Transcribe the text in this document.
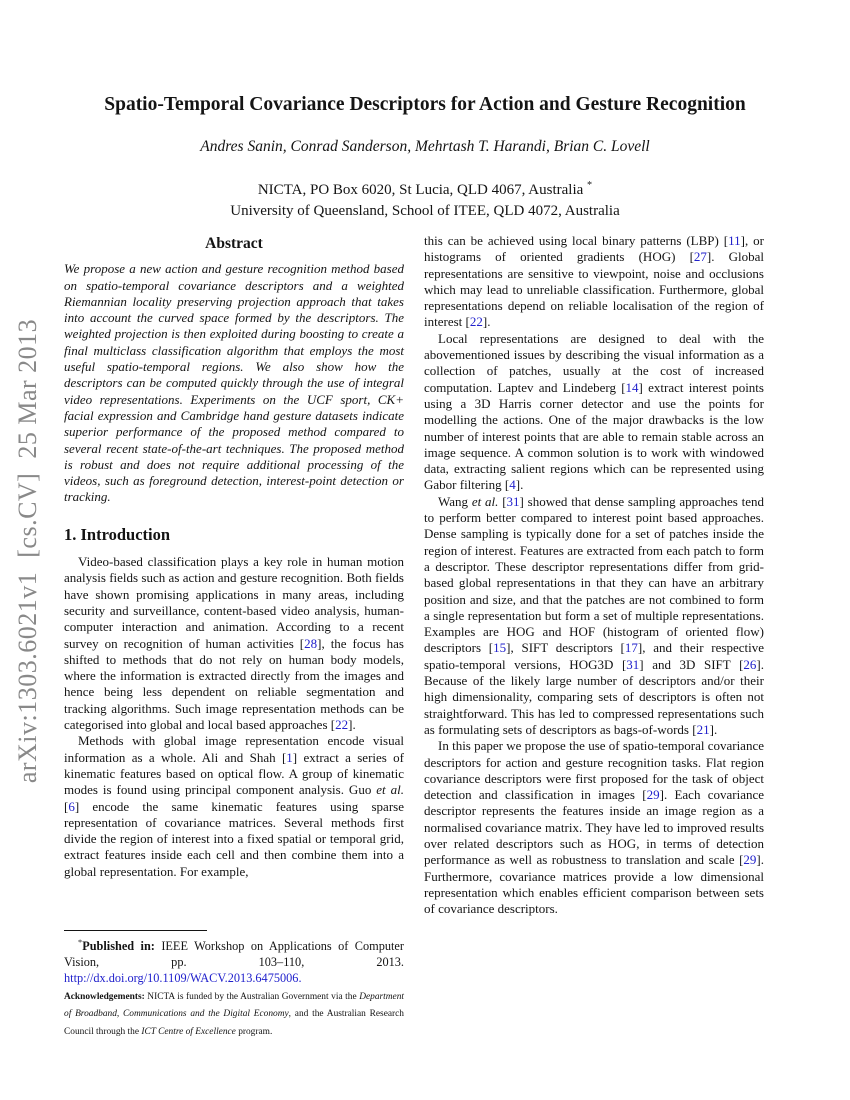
arXiv:1303.6021v1  [cs.CV]  25 Mar 2013
Spatio-Temporal Covariance Descriptors for Action and Gesture Recognition
Andres Sanin, Conrad Sanderson, Mehrtash T. Harandi, Brian C. Lovell
NICTA, PO Box 6020, St Lucia, QLD 4067, Australia *
University of Queensland, School of ITEE, QLD 4072, Australia
Abstract

We propose a new action and gesture recognition method based on spatio-temporal covariance descriptors and a weighted Riemannian locality preserving projection approach that takes into account the curved space formed by the descriptors. The weighted projection is then exploited during boosting to create a final multiclass classification algorithm that employs the most useful spatio-temporal regions. We also show how the descriptors can be computed quickly through the use of integral video representations. Experiments on the UCF sport, CK+ facial expression and Cambridge hand gesture datasets indicate superior performance of the proposed method compared to several recent state-of-the-art techniques. The proposed method is robust and does not require additional processing of the videos, such as foreground detection, interest-point detection or tracking.

1. Introduction

Video-based classification plays a key role in human motion analysis fields such as action and gesture recognition. Both fields have shown promising applications in many areas, including security and surveillance, content-based video analysis, human-computer interaction and animation. According to a recent survey on recognition of human activities [28], the focus has shifted to methods that do not rely on human body models, where the information is extracted directly from the images and hence being less dependent on reliable segmentation and tracking algorithms. Such image representation methods can be categorised into global and local based approaches [22].

Methods with global image representation encode visual information as a whole. Ali and Shah [1] extract a series of kinematic features based on optical flow. A group of kinematic modes is found using principal component analysis. Guo et al. [6] encode the same kinematic features using sparse representation of covariance matrices. Several methods first divide the region of interest into a fixed spatial or temporal grid, extract features inside each cell and then combine them into a global representation. For example,

this can be achieved using local binary patterns (LBP) [11], or histograms of oriented gradients (HOG) [27]. Global representations are sensitive to viewpoint, noise and occlusions which may lead to unreliable classification. Furthermore, global representations depend on reliable localisation of the region of interest [22].

Local representations are designed to deal with the abovementioned issues by describing the visual information as a collection of patches, usually at the cost of increased computation. Laptev and Lindeberg [14] extract interest points using a 3D Harris corner detector and use the points for modelling the actions. One of the major drawbacks is the low number of interest points that are able to remain stable across an image sequence. A common solution is to work with windowed data, extracting salient regions which can be represented using Gabor filtering [4].

Wang et al. [31] showed that dense sampling approaches tend to perform better compared to interest point based approaches. Dense sampling is typically done for a set of patches inside the region of interest. Features are extracted from each patch to form a descriptor. These descriptor representations differ from grid-based global representations in that they can have an arbitrary position and size, and that the patches are not combined to form a single representation but form a set of multiple representations. Examples are HOG and HOF (histogram of oriented flow) descriptors [15], SIFT descriptors [17], and their respective spatio-temporal versions, HOG3D [31] and 3D SIFT [26]. Because of the likely large number of descriptors and/or their high dimensionality, comparing sets of descriptors is often not straightforward. This has led to compressed representations such as formulating sets of descriptors as bags-of-words [21].

In this paper we propose the use of spatio-temporal covariance descriptors for action and gesture recognition tasks. Flat region covariance descriptors were first proposed for the task of object detection and classification in images [29]. Each covariance descriptor represents the features inside an image region as a normalised covariance matrix. They have led to improved results over related descriptors such as HOG, in terms of detection performance as well as robustness to translation and scale [29]. Furthermore, covariance matrices provide a low dimensional representation which enables efficient comparison between sets of covariance descriptors.

*Published in: IEEE Workshop on Applications of Computer Vision, pp. 103–110, 2013. http://dx.doi.org/10.1109/WACV.2013.6475006.

Acknowledgements: NICTA is funded by the Australian Government via the Department of Broadband, Communications and the Digital Economy, and the Australian Research Council through the ICT Centre of Excellence program.
